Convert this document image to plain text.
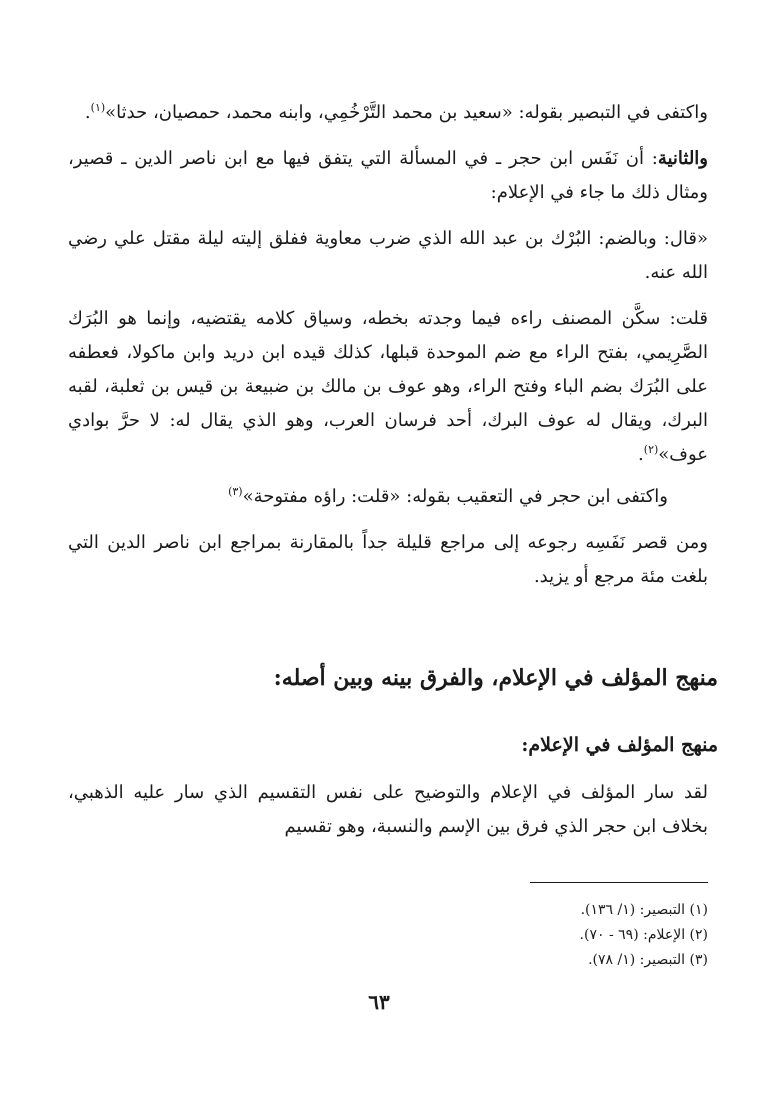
واكتفى في التبصير بقوله: «سعيد بن محمد التَّرْخُمِي، وابنه محمد، حمصيان، حدثا»$^{(١)}$.

والثانية: أن نَفَس ابن حجر ـ في المسألة التي يتفق فيها مع ابن ناصر الدين ـ قصير، ومثال ذلك ما جاء في الإعلام:

«قال: وبالضم: البُرْك بن عبد الله الذي ضرب معاوية ففلق إليته ليلة مقتل علي رضي الله عنه.

قلت: سكَّن المصنف راءه فيما وجدته بخطه، وسياق كلامه يقتضيه، وإنما هو البُرَك الصَّرِيمي، بفتح الراء مع ضم الموحدة قبلها، كذلك قيده ابن دريد وابن ماكولا، فعطفه على البُرَك بضم الباء وفتح الراء، وهو عوف بن مالك بن ضبيعة بن قيس بن ثعلبة، لقبه البرك، ويقال له عوف البرك، أحد فرسان العرب، وهو الذي يقال له: لا حرَّ بوادي عوف»$^{(٢)}$.

واكتفى ابن حجر في التعقيب بقوله: «قلت: راؤه مفتوحة»$^{(٣)}$

ومن قصر نَفَسِه رجوعه إلى مراجع قليلة جداً بالمقارنة بمراجع ابن ناصر الدين التي بلغت مئة مرجع أو يزيد.

منهج المؤلف في الإعلام، والفرق بينه وبين أصله:
منهج المؤلف في الإعلام:

لقد سار المؤلف في الإعلام والتوضيح على نفس التقسيم الذي سار عليه الذهبي، بخلاف ابن حجر الذي فرق بين الإسم والنسبة، وهو تقسيم

(١) التبصير: (١/ ١٣٦).
(٢) الإعلام: (٦٩ - ٧٠).
(٣) التبصير: (١/ ٧٨).
٦٣
